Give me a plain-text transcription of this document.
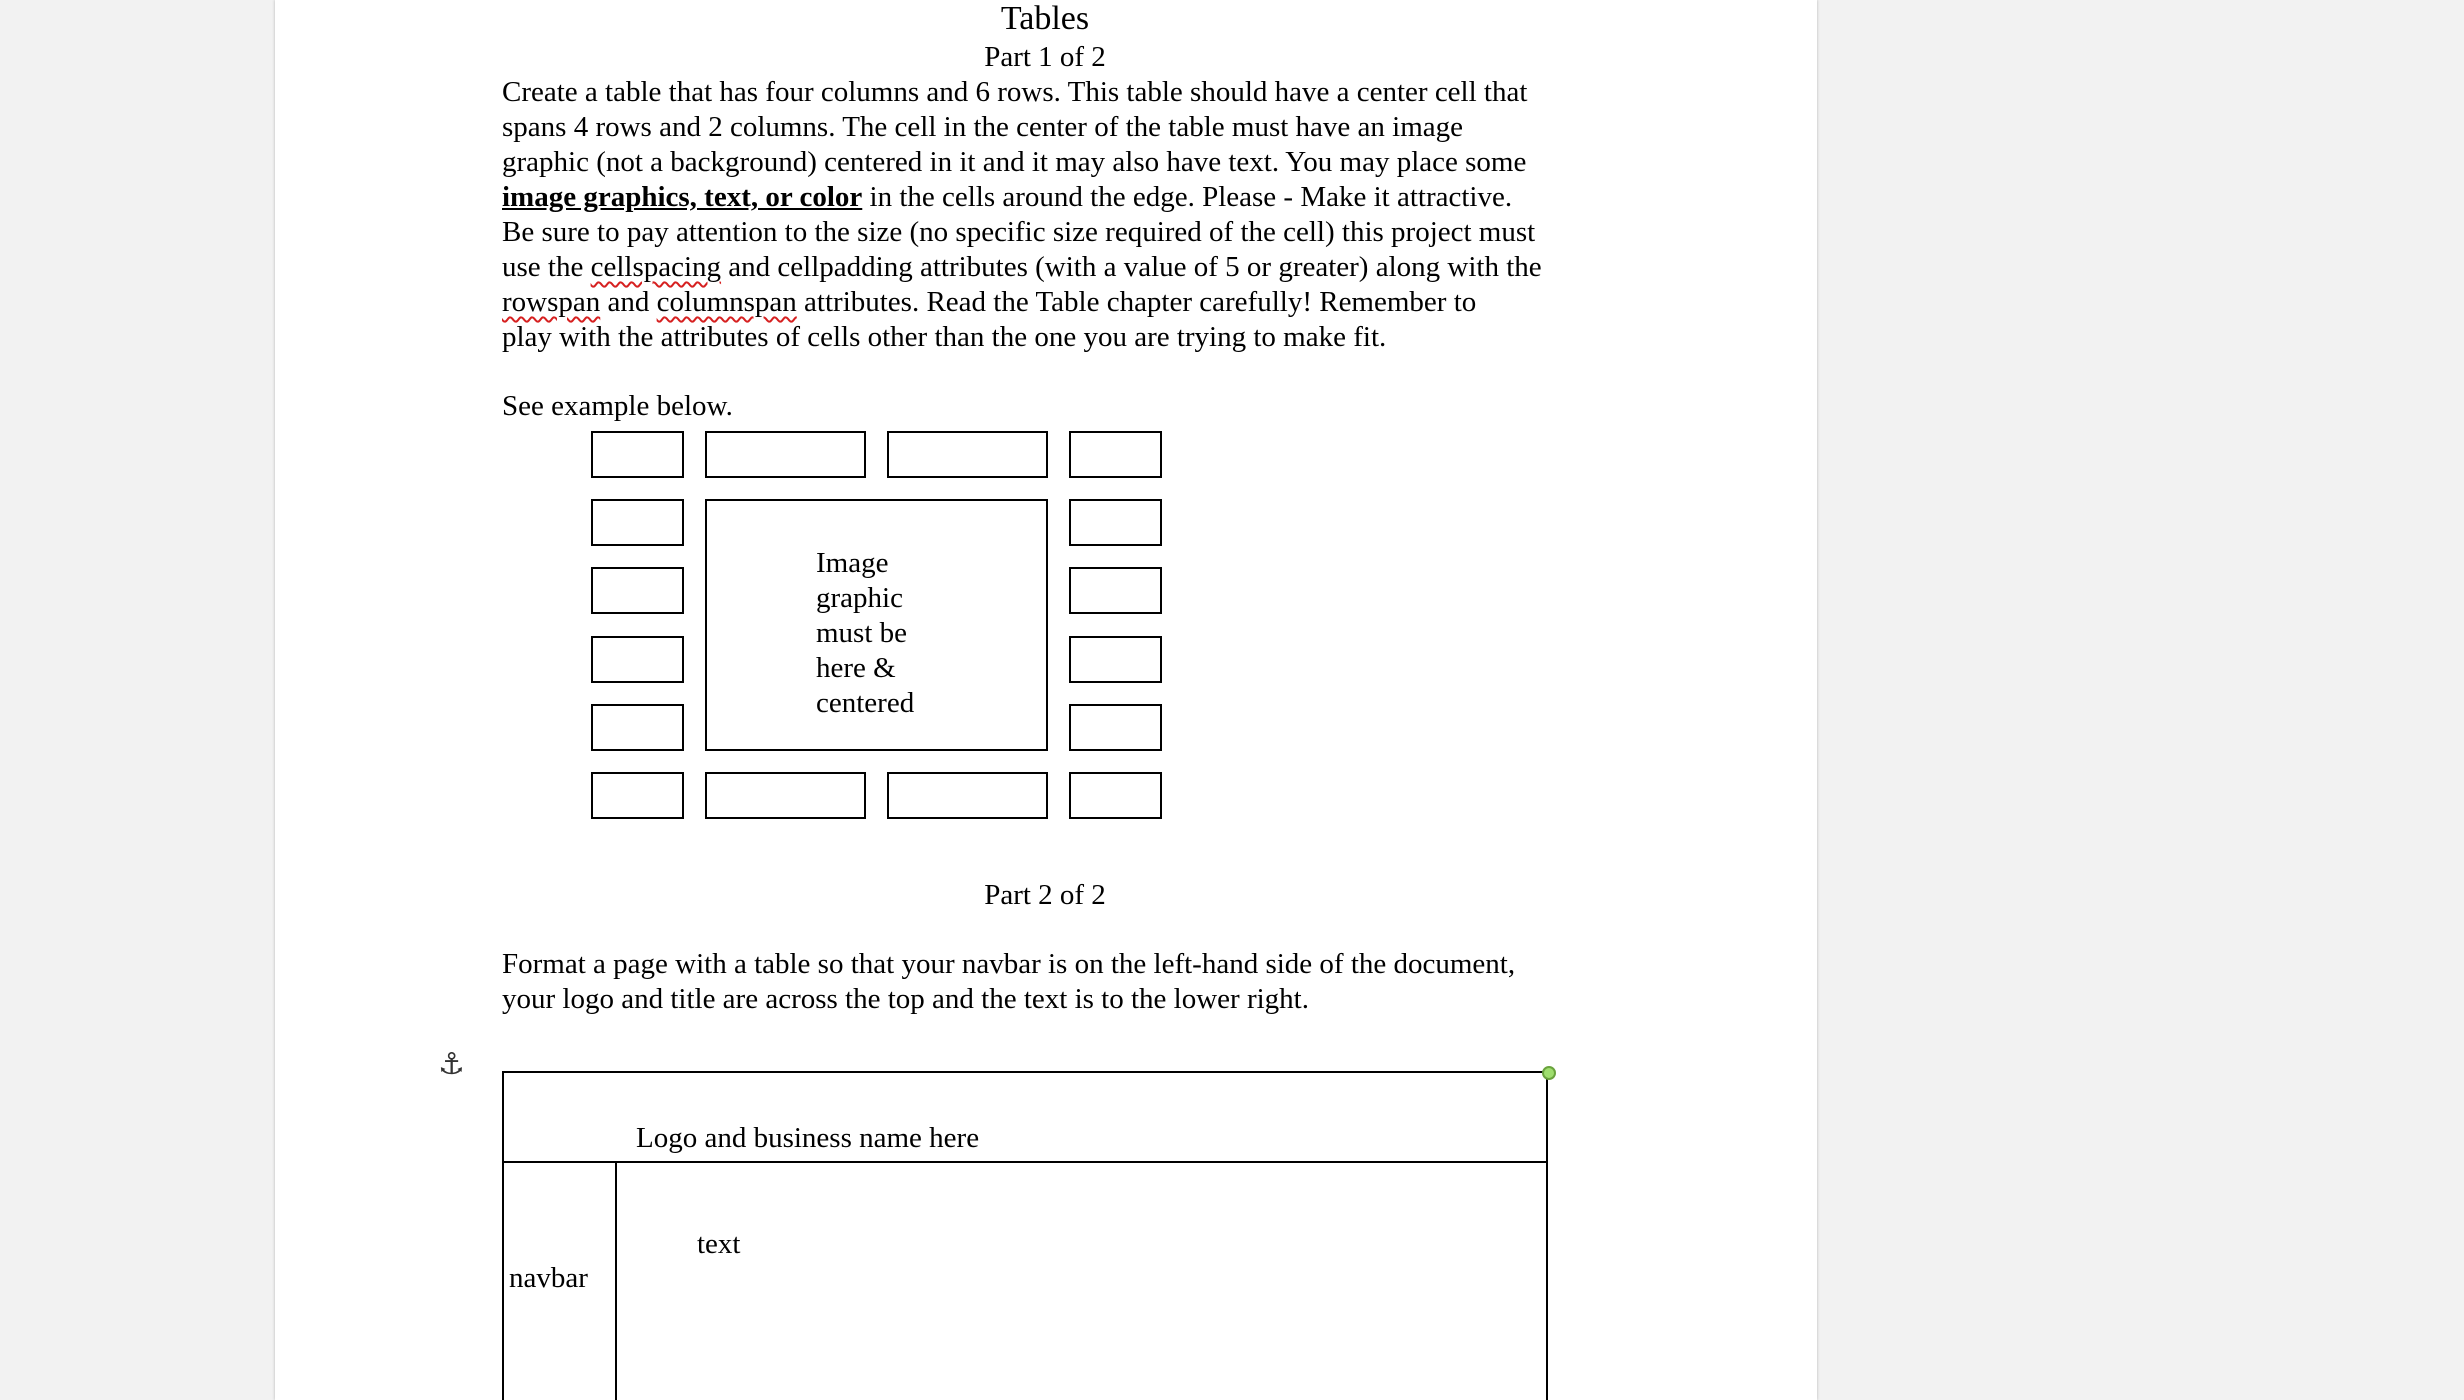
Tables
Part 1 of 2

Create a table that has four columns and 6 rows. This table should have a center cell that

spans 4 rows and 2 columns. The cell in the center of the table must have an image

graphic (not a background) centered in it and it may also have text. You may place some

image graphics, text, or color in the cells around the edge. Please - Make it attractive.

Be sure to pay attention to the size (no specific size required of the cell) this project must

use the cellspacing and cellpadding attributes (with a value of 5 or greater) along with the

rowspan and columnspan attributes. Read the Table chapter carefully! Remember to

play with the attributes of cells other than the one you are trying to make fit.

See example below.
Image
graphic
must be
here &
centered
Part 2 of 2

Format a page with a table so that your navbar is on the left-hand side of the document,

your logo and title are across the top and the text is to the lower right.

⚓
Logo and business name here
text
navbar
